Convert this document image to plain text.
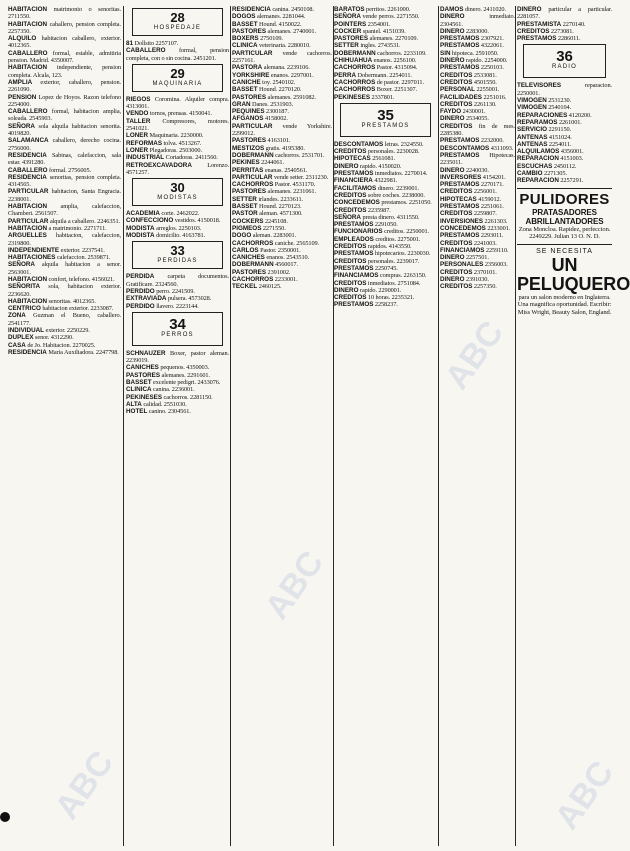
HABITACION matrimonio o senoritas. 2711550.

HABITACION caballero, pension completa. 2257350.

ALQUILO habitacion caballero, exterior. 4012365.

CABALLERO formal, estable, admitiria pension. Madrid. 4350007.

HABITACION independiente, pension completa. Alcala, 123.

AMPLIA exterior, caballero, pension. 2261090.

PENSION Lopez de Hoyos. Razon telefono 2254000.

CABALLERO formal, habitacion amplia, soleada. 2545903.

SEÑORA sola alquila habitacion senorita. 4019820.

SALAMANCA caballero, derecho cocina. 2756000.

RESIDENCIA Sabinas, calefaccion, sala estar. 4391280.

CABALLERO formal. 2756005.

RESIDENCIA senoritas, pension completa. 4314565.

PARTICULAR habitacion, Santa Engracia. 2238001.

HABITACION amplia, calefaccion, Chamberi. 2561507.

PARTICULAR alquila a caballero. 2246351.

HABITACION a matrimonio. 2271711.

ARGUELLES habitacion, calefaccion, 2319800.

INDEPENDIENTE exterior. 2237541.

HABITACIONES calefaccion. 2539871.

SEÑORA alquila habitacion a senor. 2563001.

HABITACION confort, telefono. 4156021.

SEÑORITA sola, habitacion exterior. 2236620.

HABITACION senoritas. 4012365.

CENTRICO habitacion exterior. 2233087.

ZONA Guzman el Bueno, caballero. 2541177.

INDIVIDUAL exterior. 2250229.

DUPLEX senor. 4312290.

CASA de Jo. Habitacion. 2270025.

RESIDENCIA Maria Auxiliadora. 2247798.

28
HOSPEDAJE

81 Dollsito 2257107.

CABALLERO formal, pension completa, con o sin cocina. 2451201.

29
MAQUINARIA

RIEGOS Coromina. Alquiler compra. 4313001.

VENDO tornos, prensas. 4150041.

TALLER Compresores, motores. 2541021.

LONER Maquinaria. 2230000.

REFORMAS tolva. 4513267.

LONER Plegadoras. 2503000.

INDUSTRIAL Cortadoras. 2411560.

RETROEXCAVADORA Lorenzo. 4571257.

30
MODISTAS

ACADEMIA corte. 2462022.

CONFECCIONO vestidos. 4150018.

MODISTA arreglos. 2250103.

MODISTA domicilio. 4163781.

33
PERDIDAS

PERDIDA carpeta documentos. Gratificare. 2324560.

PERDIDO perro. 2241509.

EXTRAVIADA pulsera. 4573028.

PERDIDO llavero. 2223144.

34
PERROS

SCHNAUZER Boxer, pastor aleman. 2239019.

CANICHES pequenos. 4350003.

PASTORES alemanes. 2291601.

BASSET excelente pedigri. 2433076.

CLINICA canina. 2236001.

PEKINESES cachorros. 2281150.

ALTA calidad. 2551030.

HOTEL canino. 2304561.

RESIDENCIA canina. 2450108.

DOGOS alemanes. 2281044.

BASSET Hound. 4150022.

PASTORES alemanes. 2740001.

BOXERS 2750109.

CLINICA veterinaria. 2280010.

PARTICULAR vende cachorros. 2257161.

PASTORA alemana. 2239106.

YORKSHIRE enanos. 2297001.

CANICHE toy. 2540102.

BASSET Hound. 2270120.

PASTORES alemanes. 2591082.

GRAN Danes. 2531903.

PEQUINES 2300187.

AFGANOS 4158002.

PARTICULAR vende Yorkshire. 2299012.

PASTORES 4163101.

MESTIZOS gratis. 4195380.

DOBERMANN cachorros. 2531701.

PEKINES 2244061.

PERRITAS enanas. 2540561.

PARTICULAR vende setter. 2311230.

CACHORROS Pastor. 4531170.

PASTORES alemanes. 2231061.

SETTER irlandes. 2233611.

BASSET Hound. 2270123.

PASTOR aleman. 4571300.

COCKERS 2245108.

PIGMEOS 2271550.

DOGO aleman. 2283001.

CACHORROS caniche. 2565109.

CARLOS Pastor. 2350001.

CANICHES enanos. 2543510.

DOBERMANN 4560017.

PASTORES 2391002.

CACHORROS 2233001.

TECKEL 2460125.

BARATOS perritos. 2261000.

SEÑORA vende perros. 2271550.

POINTERS 2354001.

COCKER spaniel. 4151039.

PASTORES alemanes. 2270109.

SETTER ingles. 2743531.

DOBERMANN cachorros. 2233109.

CHIHUAHUA enanos. 2256100.

CACHORROS Pastor. 4315094.

PERRA Dobermann. 2254011.

CACHORROS de pastor. 2297011.

CACHORROS Boxer. 2251307.

PEKINESES 2337801.

35
PRESTAMOS

DESCONTAMOS letras. 2324550.

CREDITOS personales. 2230028.

HIPOTECAS 2561081.

DINERO rapido. 4150020.

PRESTAMOS inmediatos. 2270014.

FINANCIERA 4322981.

FACILITAMOS dinero. 2239001.

CREDITOS sobre coches. 2238000.

CONCEDEMOS prestamos. 2251050.

CREDITOS 2235987.

SEÑORA presta dinero. 4311550.

PRESTAMOS 2291050.

FUNCIONARIOS creditos. 2250001.

EMPLEADOS creditos. 2275001.

CREDITOS rapidos. 4143550.

PRESTAMOS hipotecarios. 2230030.

CREDITOS personales. 2239017.

PRESTAMOS 2250745.

FINANCIAMOS compras. 2263150.

CREDITOS inmediatos. 2751084.

DINERO rapido. 2290001.

CREDITOS 10 horas. 2235321.

PRESTAMOS 2258237.

DAMOS dinero. 2411020.

DINERO	inmediato. 2304561.

DINERO 2283000.

PRESTAMOS 2307921.

PRESTAMOS 4322061.

SIN hipoteca. 2591050.

DINERO rapido. 2254000.

PRESTAMOS 2250103.

CREDITOS 2533081.

CREDITOS 4501550.

PERSONAL 2255001.

FACILIDADES 2251016.

CREDITOS 2261130.

FAYDO 2430001.

DINERO 2534055.

CREDITOS fin de mes. 2285380.

PRESTAMOS 2232000.

DESCONTAMOS 4311093.

PRESTAMOS Hipotecas. 2235011.

DINERO 2240030.

INVERSORES 4154201.

PRESTAMOS 2270171.

CREDITOS 2256001.

HIPOTECAS 4159012.

PRESTAMOS 2251061.

CREDITOS 2259807.

INVERSIONES 2261303.

CONCEDEMOS 2233001.

PRESTAMOS 2293011.

CREDITOS 2241003.

FINANCIAMOS 2259110.

DINERO 2257501.

PERSONALES 2356003.

CREDITOS 2370101.

DINERO 2391030.

CREDITOS 2257350.

DINERO particular a particular. 2281057.

PRESTAMISTA 2270140.

CREDITOS 2273081.

PRESTAMOS 2286011.

36
RADIO

TELEVISORES	reparacion. 2250001.

VIMOGEN 2531230.

VIMOGEN 2540104.

REPARACIONES 4120200.

REPARAMOS 2261001.

SERVICIO 2291150.

ANTENAS 4151024.

ANTENAS 2254011.

ALQUILAMOS 4356001.

REPARACION 4151003.

ESCUCHAS 2450112.

CAMBIO 2271305.

REPARACION 2257291.

PULIDORES
PRATASADORES ABRILLANTADORES
Zona Moncloa. Rapidez, perfeccion. 2249229. Julian 13 O. N. D.
SE NECESITA
UN PELUQUERO
para un salon moderno en Inglaterra. Una magnifica oportunidad. Escribir: Miss Wright, Beauty Salon, England.
ABC
ABC
ABC
ABC
